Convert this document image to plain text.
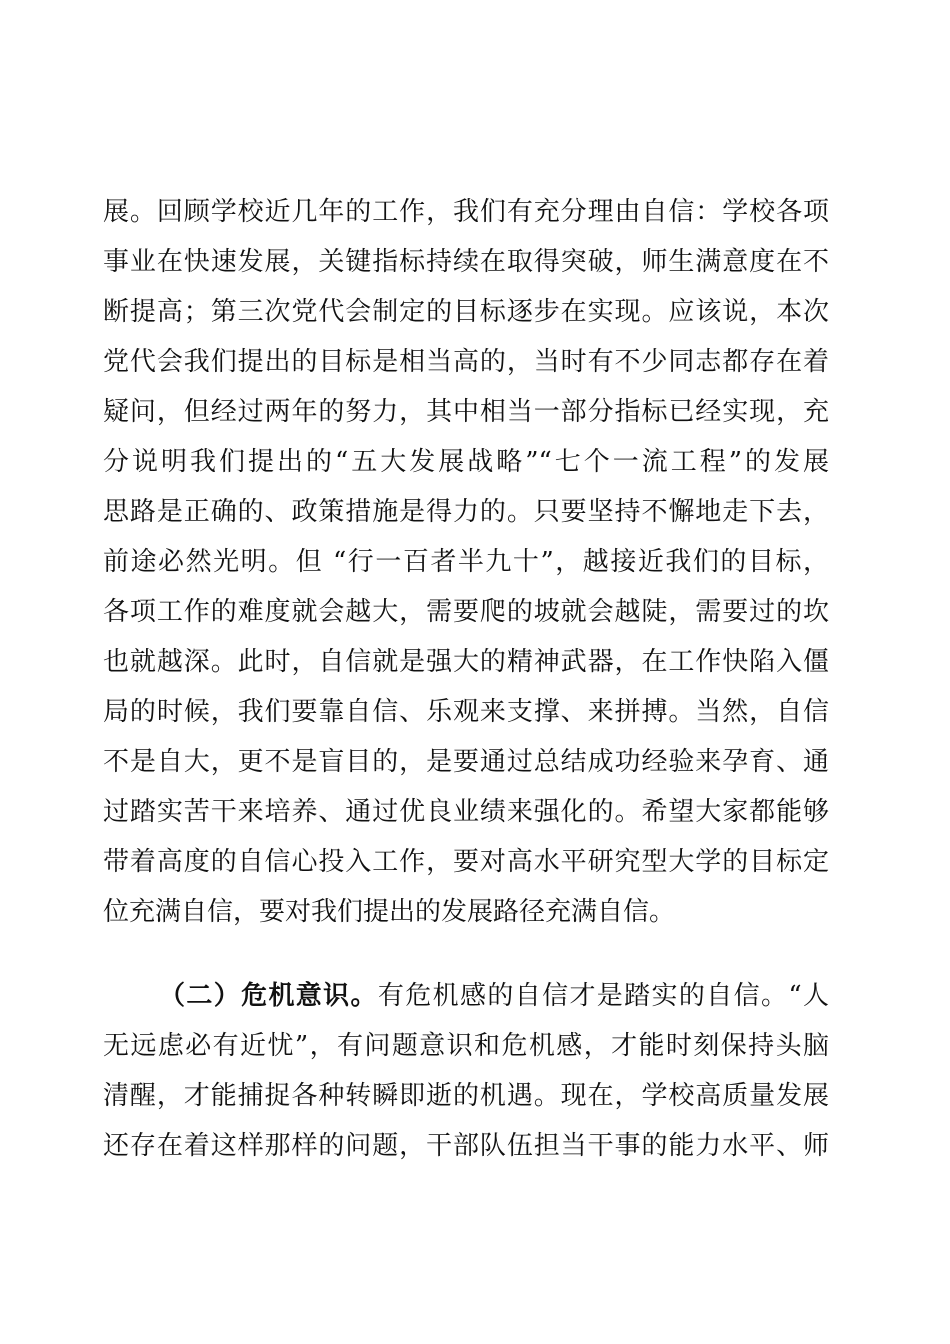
展。回顾学校近几年的工作，我们有充分理由自信：学校各项
事业在快速发展，关键指标持续在取得突破，师生满意度在不
断提高；第三次党代会制定的目标逐步在实现。应该说，本次
党代会我们提出的目标是相当高的，当时有不少同志都存在着
疑问，但经过两年的努力，其中相当一部分指标已经实现，充
分说明我们提出的“五大发展战略”“七个一流工程”的发展
思路是正确的、政策措施是得力的。只要坚持不懈地走下去，
前途必然光明。但 “行一百者半九十”，越接近我们的目标，
各项工作的难度就会越大，需要爬的坡就会越陡，需要过的坎
也就越深。此时，自信就是强大的精神武器，在工作快陷入僵
局的时候，我们要靠自信、乐观来支撑、来拼搏。当然，自信
不是自大，更不是盲目的，是要通过总结成功经验来孕育、通
过踏实苦干来培养、通过优良业绩来强化的。希望大家都能够
带着高度的自信心投入工作，要对高水平研究型大学的目标定
位充满自信，要对我们提出的发展路径充满自信。
（二）危机意识。有危机感的自信才是踏实的自信。“人
无远虑必有近忧”，有问题意识和危机感，才能时刻保持头脑
清醒，才能捕捉各种转瞬即逝的机遇。现在，学校高质量发展
还存在着这样那样的问题，干部队伍担当干事的能力水平、师
